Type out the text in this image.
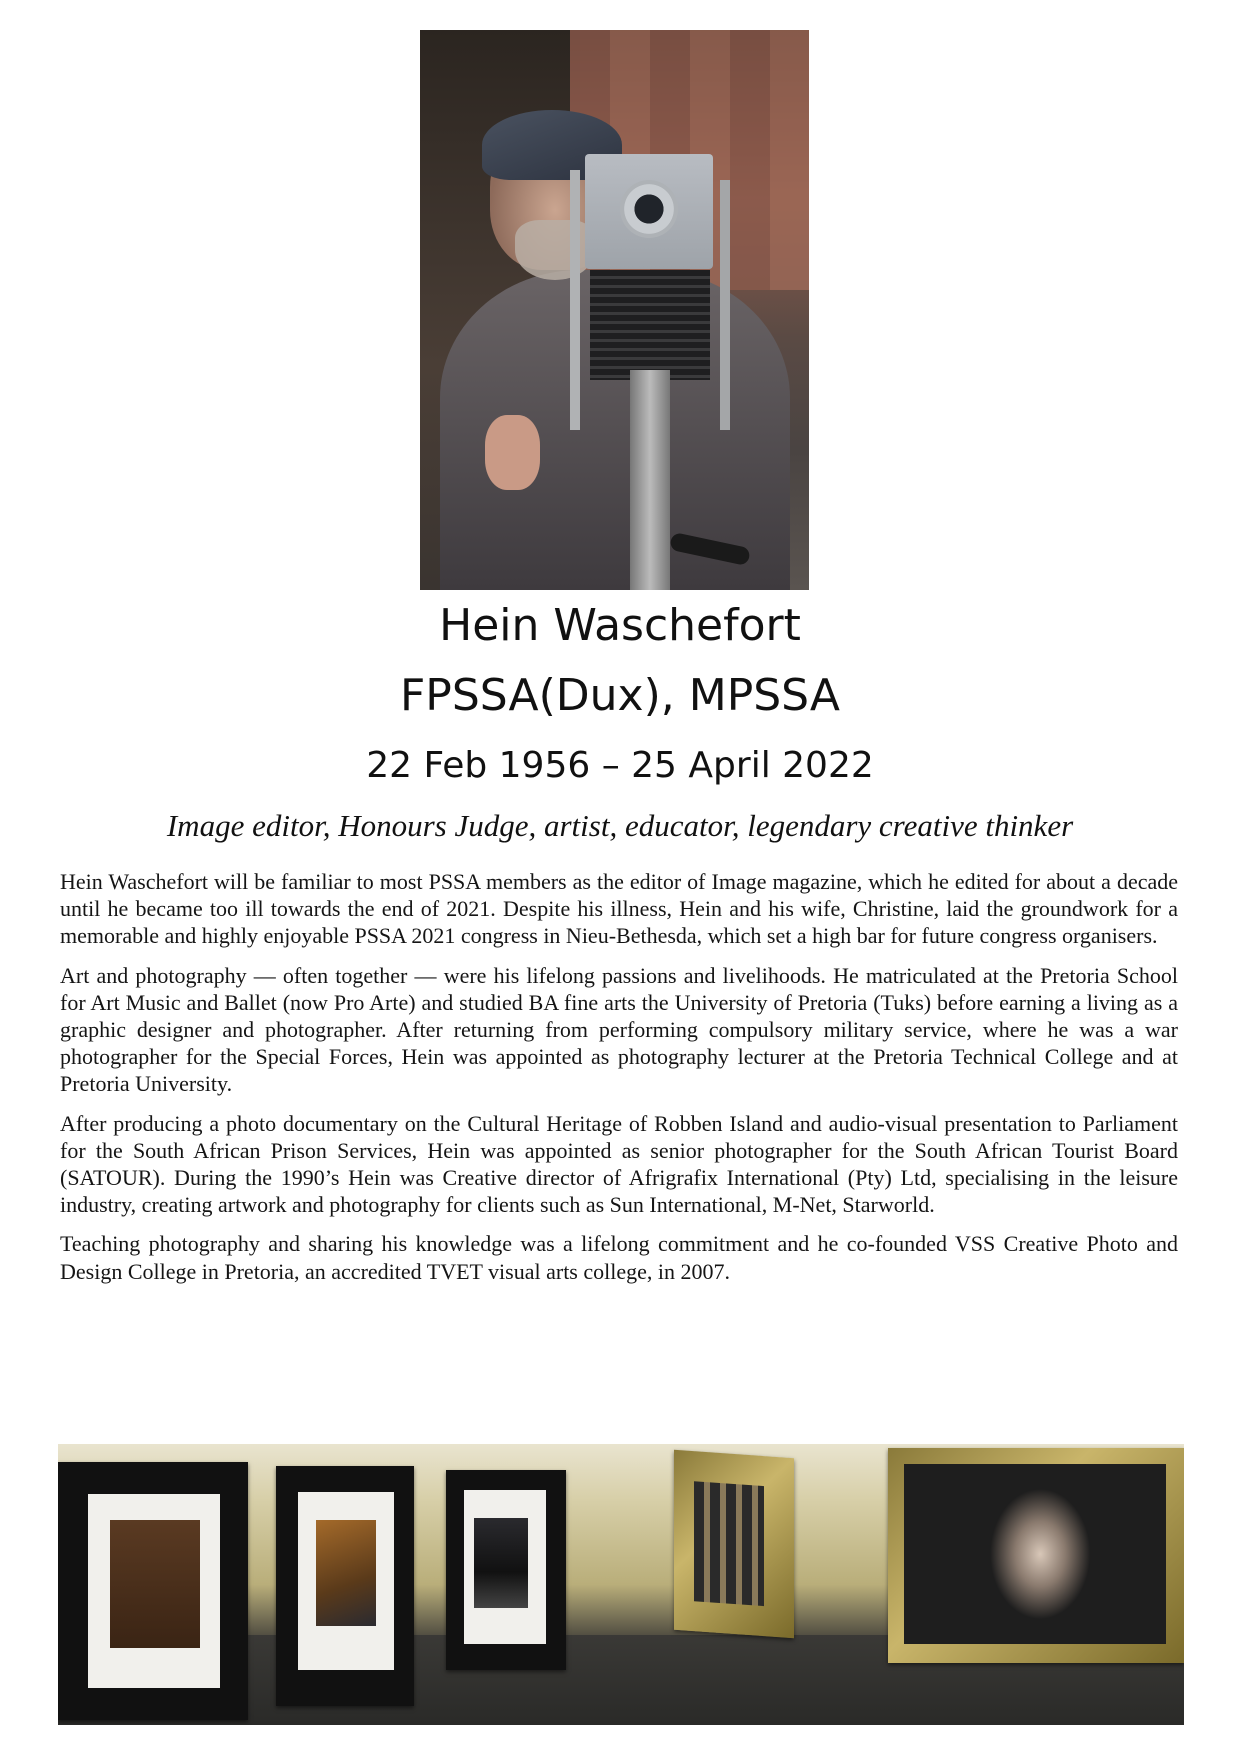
Hein Waschefort
FPSSA(Dux), MPSSA
22 Feb 1956 – 25 April 2022
Image editor, Honours Judge, artist, educator, legendary creative thinker

Hein Waschefort will be familiar to most PSSA members as the editor of Image magazine, which he edited for about a decade until he became too ill towards the end of 2021. Despite his illness, Hein and his wife, Christine, laid the groundwork for a memorable and highly enjoyable PSSA 2021 congress in Nieu-Bethesda, which set a high bar for future congress organisers.

Art and photography — often together — were his lifelong passions and livelihoods. He matriculated at the Pretoria School for Art Music and Ballet (now Pro Arte) and studied BA fine arts the University of Pretoria (Tuks) before earning a living as a graphic designer and photographer. After returning from performing compulsory military service, where he was a war photographer for the Special Forces, Hein was appointed as photography lecturer at the Pretoria Technical College and at Pretoria University.

After producing a photo documentary on the Cultural Heritage of Robben Island and audio-visual presentation to Parliament for the South African Prison Services, Hein was appointed as senior photographer for the South African Tourist Board (SATOUR). During the 1990’s Hein was Creative director of Afrigrafix International (Pty) Ltd, specialising in the leisure industry, creating artwork and photography for clients such as Sun International, M-Net, Starworld.

Teaching photography and sharing his knowledge was a lifelong commitment and he co-founded VSS Creative Photo and Design College in Pretoria, an accredited TVET visual arts college, in 2007.
